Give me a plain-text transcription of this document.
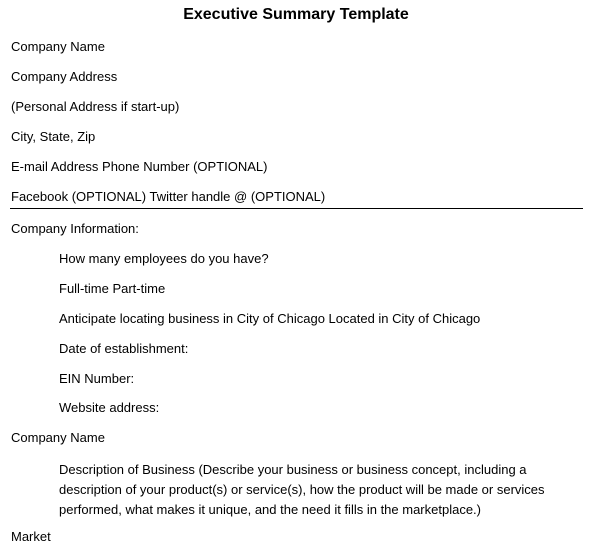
Executive Summary Template
Company Name
Company Address
(Personal Address if start-up)
City, State, Zip
E-mail Address Phone Number (OPTIONAL)
Facebook (OPTIONAL) Twitter handle @ (OPTIONAL)
Company Information:
How many employees do you have?
Full-time Part-time
Anticipate locating business in City of Chicago Located in City of Chicago
Date of establishment:
EIN Number:
Website address:
Company Name
Description of Business (Describe your business or business concept, including a
description of your product(s) or service(s), how the product will be made or services
performed, what makes it unique, and the need it fills in the marketplace.)
Market
